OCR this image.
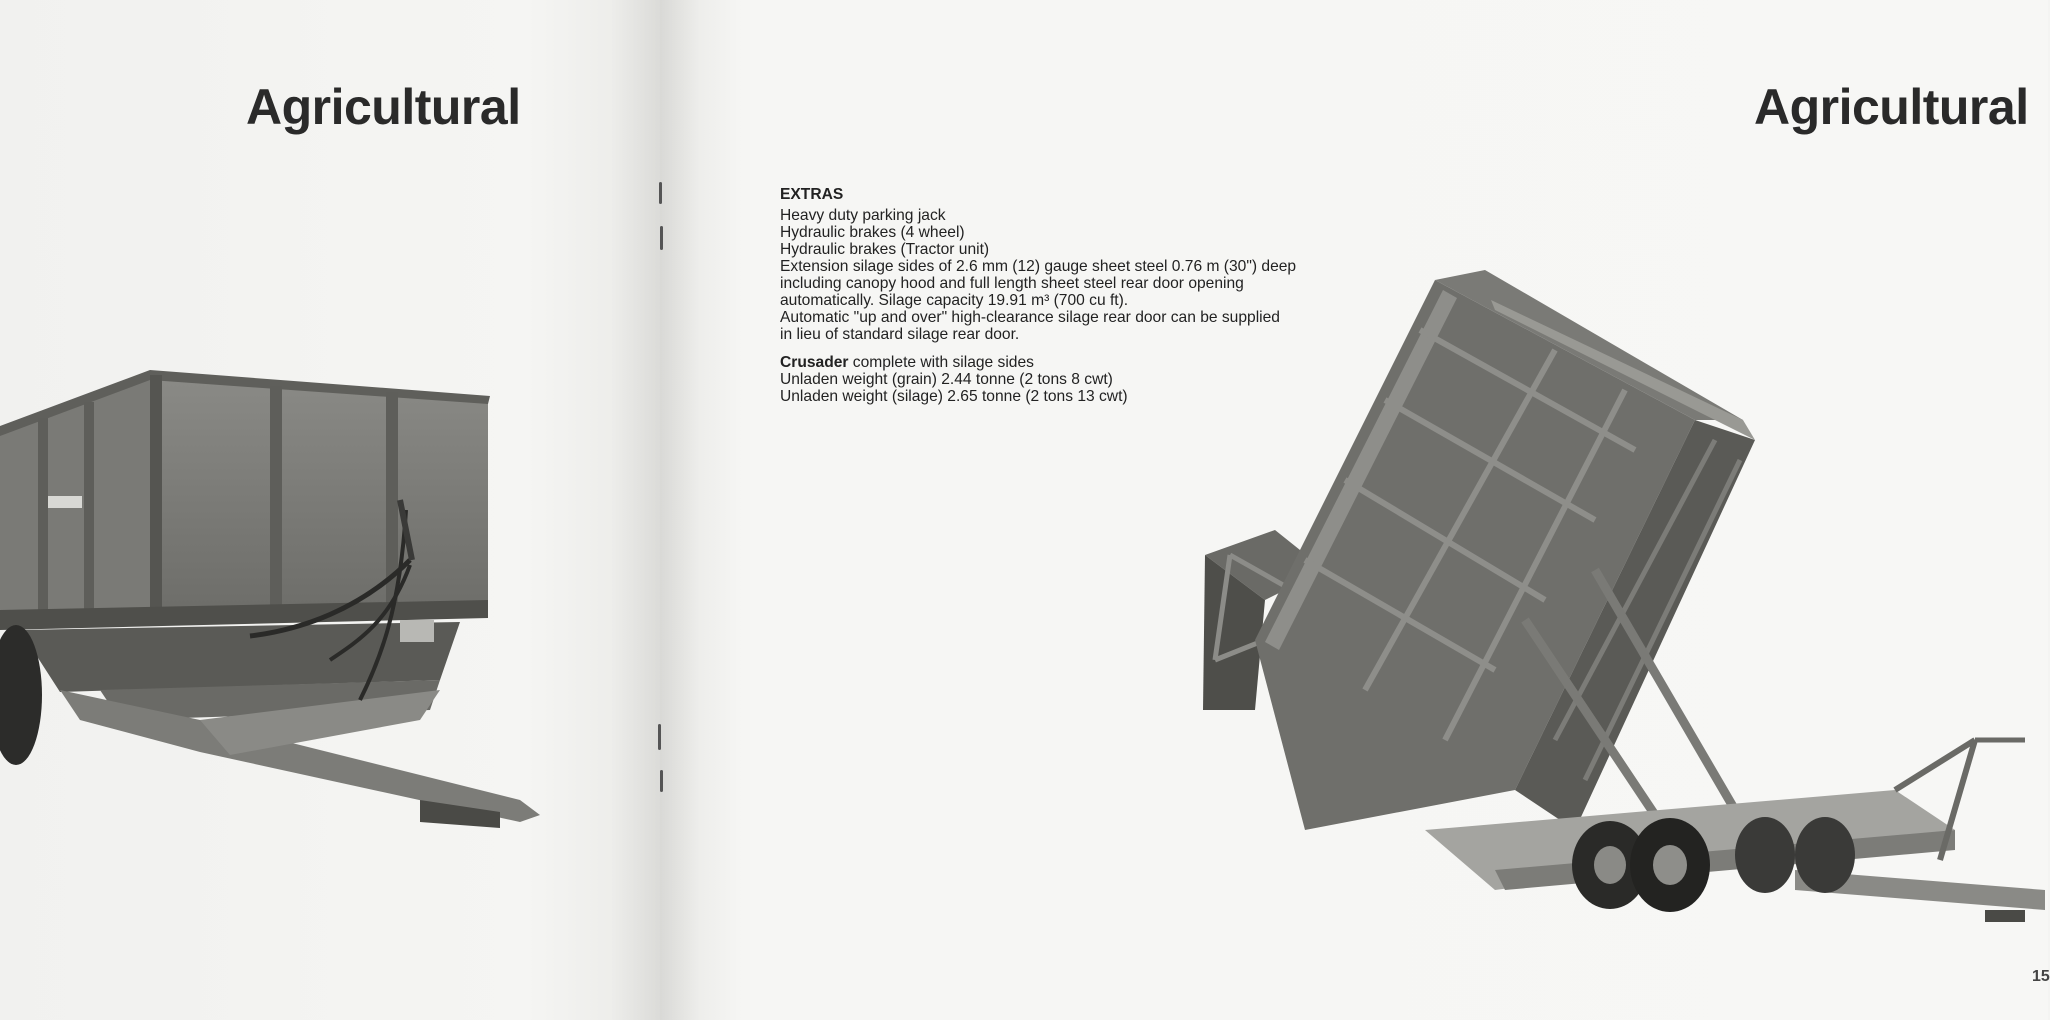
Agricultural	Agricultural
EXTRAS
Heavy duty parking jack
Hydraulic brakes (4 wheel)
Hydraulic brakes (Tractor unit)
Extension silage sides of 2.6 mm (12) gauge sheet steel 0.76 m (30") deep
including canopy hood and full length sheet steel rear door opening
automatically. Silage capacity 19.91 m³ (700 cu ft).
Automatic "up and over" high-clearance silage rear door can be supplied
in lieu of standard silage rear door.
Crusader complete with silage sides
Unladen weight (grain) 2.44 tonne (2 tons 8 cwt)
Unladen weight (silage) 2.65 tonne (2 tons 13 cwt)
15
